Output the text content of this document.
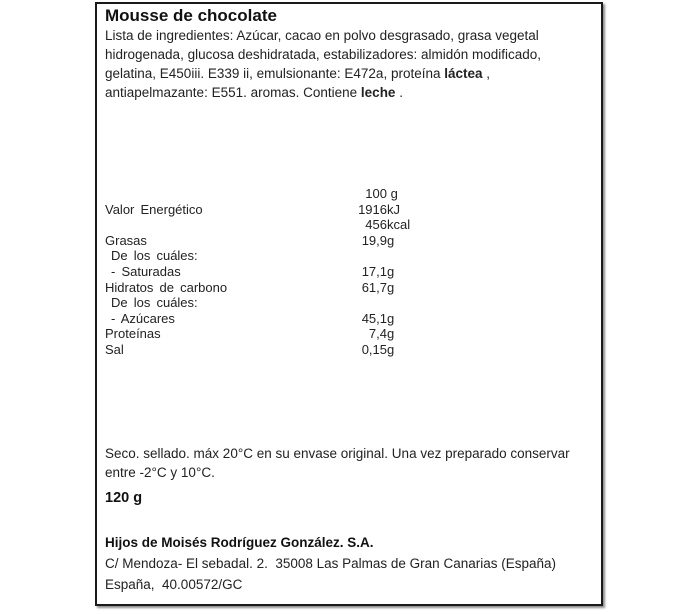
Mousse de chocolate
Lista de ingredientes: Azúcar, cacao en polvo desgrasado, grasa vegetal
hidrogenada, glucosa deshidratada, estabilizadores: almidón modificado,
gelatina, E450iii. E339 ii, emulsionante: E472a, proteína láctea ,
antiapelmazante: E551. aromas. Contiene leche .
100 g
Valor Energético	1916 kJ
456 kcal
Grasas	19,9 g
De los cuáles:
- Saturadas	17,1 g
Hidratos de carbono	61,7 g
De los cuáles:
- Azúcares	45,1 g
Proteínas	7,4 g
Sal	0,15 g
Seco. sellado. máx 20°C en su envase original. Una vez preparado conservar
entre -2°C y 10°C.
120 g
Hijos de Moisés Rodríguez González. S.A.
C/ Mendoza- El sebadal. 2.  35008 Las Palmas de Gran Canarias (España)
España,  40.00572/GC
